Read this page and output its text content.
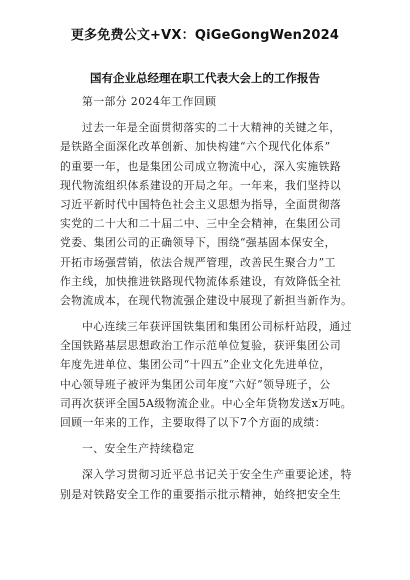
更多免费公文+VX：QiGeGongWen2024
国有企业总经理在职工代表大会上的工作报告
第一部分 2024年工作回顾
过去一年是全面贯彻落实的二十大精神的关键之年，
是铁路全面深化改革创新、加快构建“六个现代化体系”
的重要一年，也是集团公司成立物流中心，深入实施铁路
现代物流组织体系建设的开局之年。一年来，我们坚持以
习近平新时代中国特色社会主义思想为指导，全面贯彻落
实党的二十大和二十届二中、三中全会精神，在集团公司
党委、集团公司的正确领导下，围绕“强基固本保安全，
开拓市场强营销，依法合规严管理，改善民生聚合力”工
作主线，加快推进铁路现代物流体系建设，有效降低全社
会物流成本，在现代物流强企建设中展现了新担当新作为。
中心连续三年获评国铁集团和集团公司标杆站段，通过
全国铁路基层思想政治工作示范单位复验，获评集团公司
年度先进单位、集团公司“十四五”企业文化先进单位，
中心领导班子被评为集团公司年度“六好”领导班子，公
司再次获评全国5A级物流企业。中心全年货物发送x万吨。
回顾一年来的工作，主要取得了以下7个方面的成绩：
一、安全生产持续稳定
深入学习贯彻习近平总书记关于安全生产重要论述，特
别是对铁路安全工作的重要指示批示精神，始终把安全生
